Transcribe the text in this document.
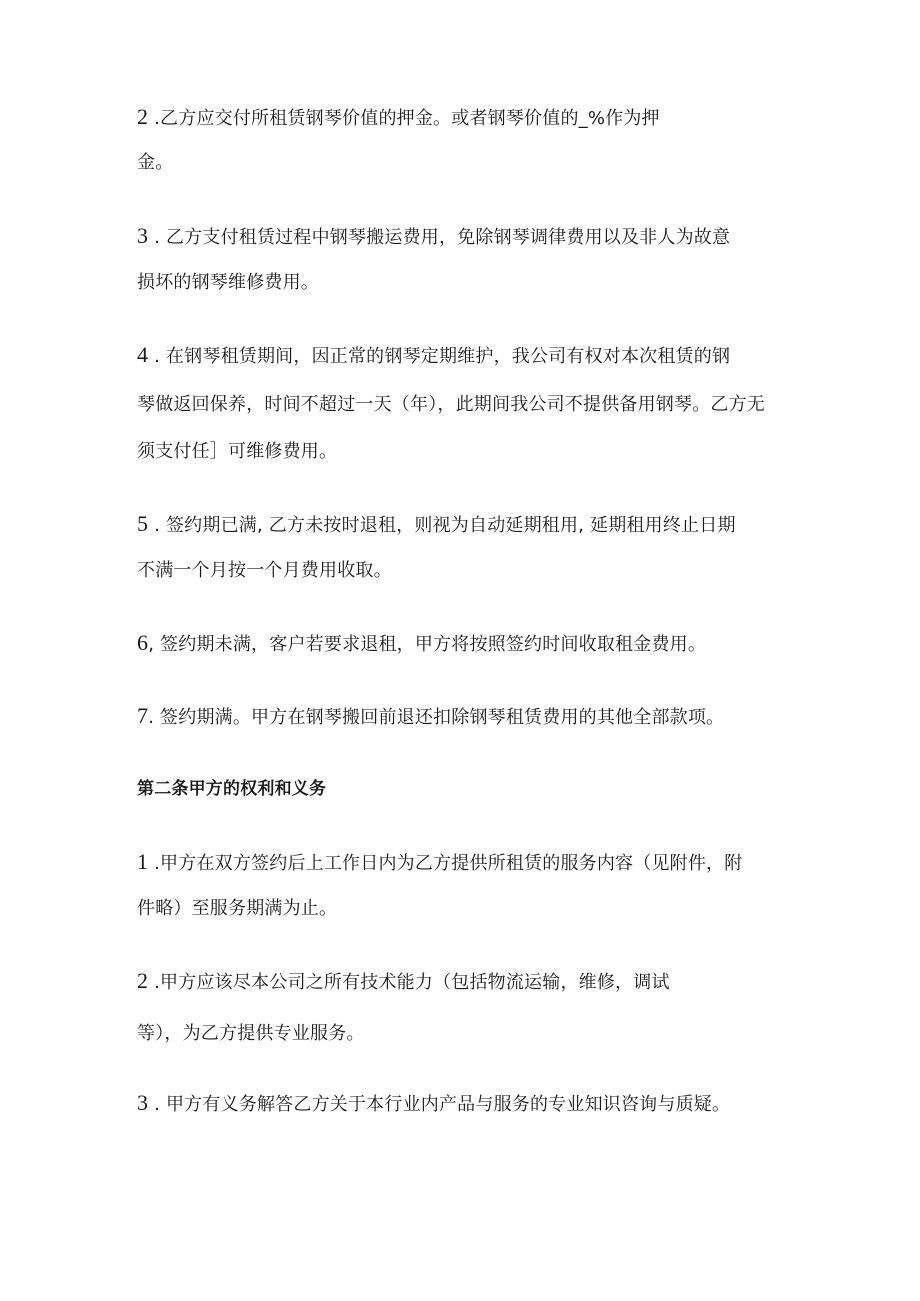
2 .乙方应交付所租赁钢琴价值的押金。或者钢琴价值的_%作为押
金。
3 . 乙方支付租赁过程中钢琴搬运费用，免除钢琴调律费用以及非人为故意
损坏的钢琴维修费用。
4 . 在钢琴租赁期间，因正常的钢琴定期维护，我公司有权对本次租赁的钢
琴做返回保养，时间不超过一天（年），此期间我公司不提供备用钢琴。乙方无
须支付任］可维修费用。
5 . 签约期已满, 乙方未按时退租，则视为自动延期租用, 延期租用终止日期
不满一个月按一个月费用收取。
6, 签约期未满，客户若要求退租，甲方将按照签约时间收取租金费用。
7. 签约期满。甲方在钢琴搬回前退还扣除钢琴租赁费用的其他全部款项。
第二条甲方的权利和义务
1 .甲方在双方签约后上工作日内为乙方提供所租赁的服务内容（见附件，附
件略）至服务期满为止。
2 .甲方应该尽本公司之所有技术能力（包括物流运输，维修，调试
等），为乙方提供专业服务。
3 . 甲方有义务解答乙方关于本行业内产品与服务的专业知识咨询与质疑。
